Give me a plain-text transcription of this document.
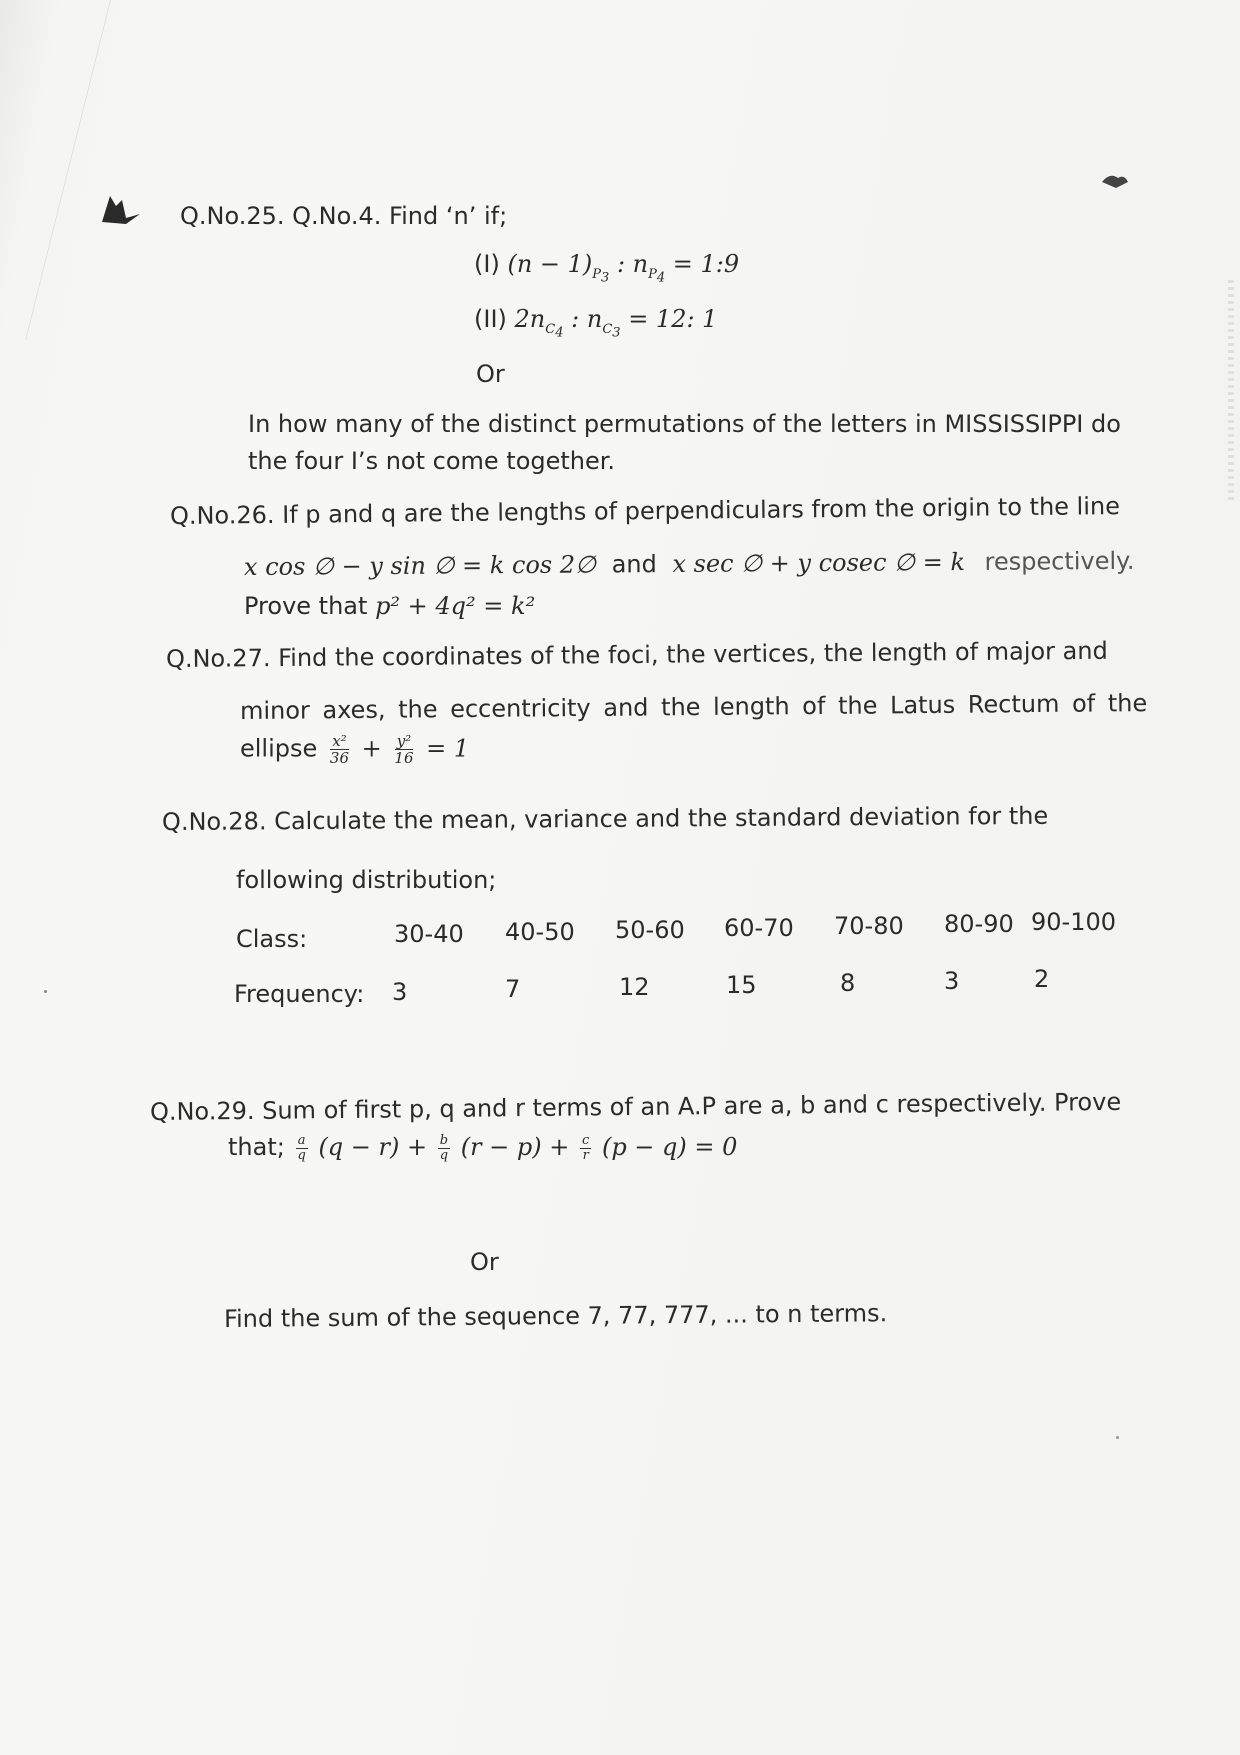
Q.No.25. Q.No.4. Find ‘n’ if;
(I) $(n - 1)_{P_3}$ : $n_{P_4}$ = 1:9
(II) $2n_{C_4}$ : $n_{C_3} = 12$: 1
Or
In how many of the distinct permutations of the letters in MISSISSIPPI do
the four I’s not come together.
Q.No.26. If p and q are the lengths of perpendiculars from the origin to the line
x cos ∅ − y sin ∅ = k cos 2∅ and x sec ∅ + y cosec ∅ = k respectively.
Prove that p² + 4q² = k²
Q.No.27. Find the coordinates of the foci, the vertices, the length of major and
minor axes, the eccentricity and the length of the Latus Rectum of the
ellipse $\frac{\text{x²}}{36} + \frac{\text{y²}}{16} = 1$
Q.No.28. Calculate the mean, variance and the standard deviation for the
following distribution;
Class:	30-40 40-50 50-60 60-70 70-80 80-90 90-100
Frequency: 3	7	12	15	8	3	2
Q.No.29. Sum of first p, q and r terms of an A.P are a, b and c respectively. Prove
that; $\frac{a}{q} (q - r) + \frac{b}{q} (r - p) + \frac{c}{r} (p - q) = 0$
Or
Find the sum of the sequence 7, 77, 777, ... to n terms.
